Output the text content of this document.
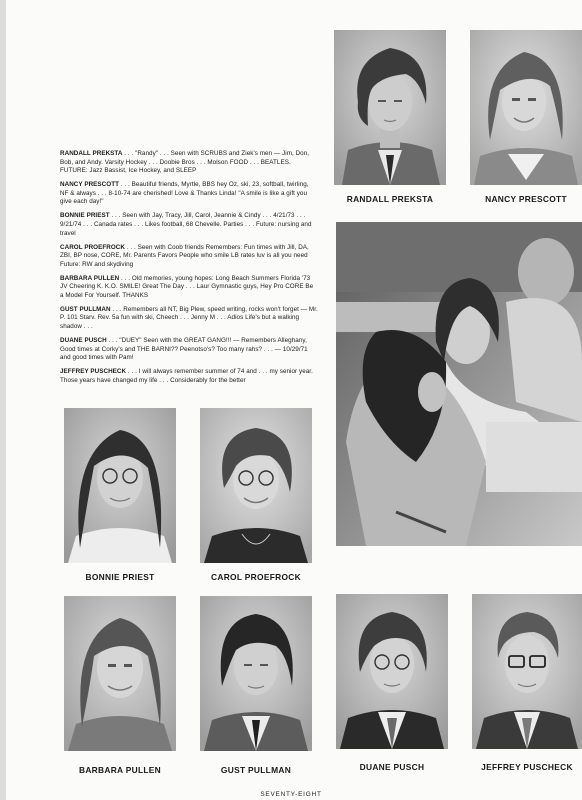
RANDALL PREKSTA . . . "Randy" . . . Seen with SCRUBS and Ziek's men — Jim, Don, Bob, and Andy. Varsity Hockey . . . Doobie Bros . . . Molson FOOD . . . BEATLES. FUTURE: Jazz Bassist, Ice Hockey, and SLEEP
NANCY PRESCOTT . . . Beautiful friends, Myrtle, BBS hey Oz, ski, 23, softball, twirling, NF & always . . . 8-10-74 are cherished! Love & Thanks Linda! "A smile is like a gift you give each day!"
BONNIE PRIEST . . . Seen with Jay, Tracy, Jill, Carol, Jeannie & Cindy . . . 4/21/73 . . . 9/21/74 . . . Canada rates . . . Likes football, 68 Chevelle. Parties . . . Future: nursing and travel
CAROL PROEFROCK . . . Seen with Coob friends Remembers: Fun times with Jill, DA, ZBI, BP nose, CORE, Mr. Parents Favors People who smile LB rates luv is all you need Future: RW and skydiving
BARBARA PULLEN . . . Old memories, young hopes: Long Beach Summers Florida '73 JV Cheering K. K.O. SMILE! Great The Day . . . Laur Gymnastic guys, Hey Pro CORE Be a Model For Yourself. THANKS
GUST PULLMAN . . . Remembers all NT, Big Plew, speed writing, rocks won't forget — Mr. P. 101 Starv. Rev. 5a fun with ski, Cheech . . . Jenny M . . . Adios Life's but a walking shadow . . .
DUANE PUSCH . . . "DUEY" Seen with the GREAT GANG!!! — Remembers Alleghany, Good times at Corky's and THE BARNI?? Peenotso's? Too many rahs? . . . — 10/29/71 and good times with Pam!
JEFFREY PUSCHECK . . . I will always remember summer of 74 and . . . my senior year. Those years have changed my life . . . Considerably for the better
RANDALL PREKSTA	NANCY PRESCOTT
BONNIE PRIEST	CAROL PROEFROCK
BARBARA PULLEN	GUST PULLMAN	DUANE PUSCH	JEFFREY PUSCHECK
SEVENTY-EIGHT
